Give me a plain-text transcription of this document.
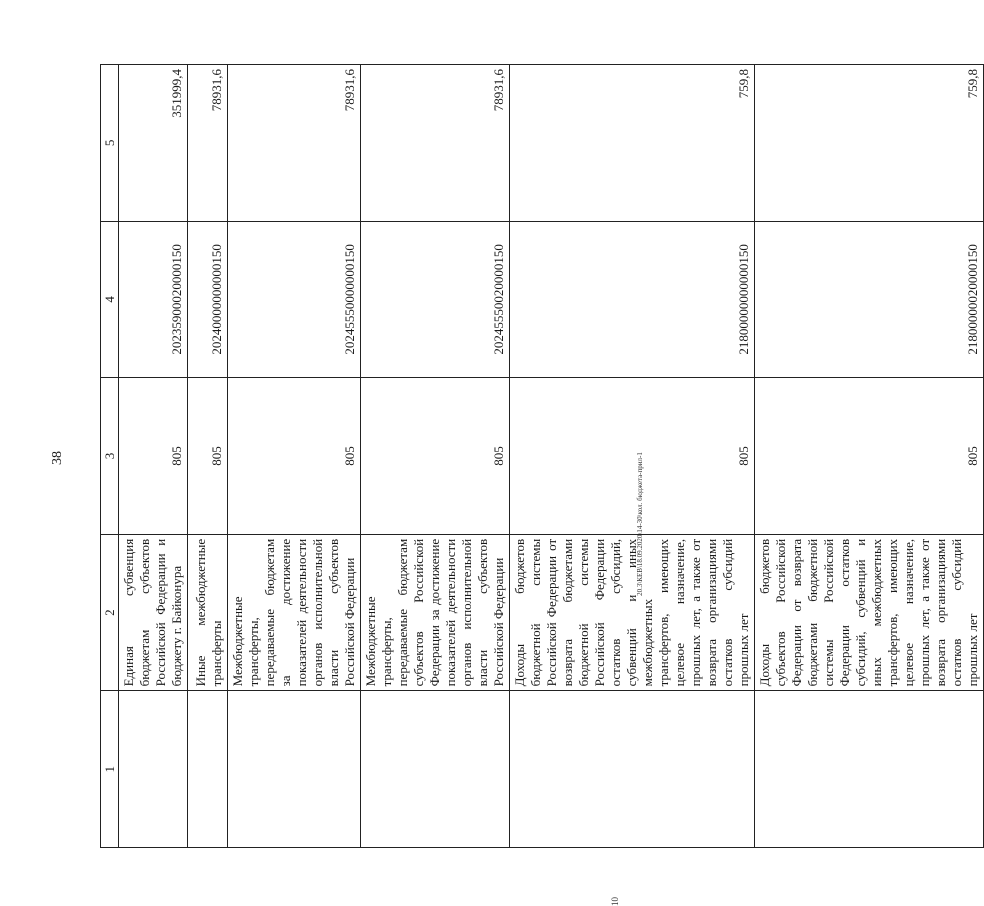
38	20.3\КЕВ\18.09.2020\14-30\кол. бюджета-прил-1
10
1	2	3	4	5
	Единая субвенция бюджетам субъектов Российской Федерации и бюджету г. Байконура	805	20235900020000150	351999,4
	Иные межбюджетные трансферты	805	20240000000000150	78931,6
	Межбюджетные трансферты, передаваемые бюджетам за достижение показателей деятельности органов исполнительной власти субъектов Российской Федерации	805	20245550000000150	78931,6
	Межбюджетные трансферты, передаваемые бюджетам субъектов Российской Федерации за достижение показателей деятельности органов исполнительной власти субъектов Российской Федерации	805	20245550020000150	78931,6
	Доходы бюджетов бюджетной системы Российской Федерации от возврата бюджетами бюджетной системы Российской Федерации остатков субсидий, субвенций и иных межбюджетных трансфертов, имеющих целевое назначение, прошлых лет, а также от возврата организациями остатков субсидий прошлых лет	805	21800000000000150	759,8
	Доходы бюджетов субъектов Российской Федерации от возврата бюджетами бюджетной системы Российской Федерации остатков субсидий, субвенций и иных межбюджетных трансфертов, имеющих целевое назначение, прошлых лет, а также от возврата организациями остатков субсидий прошлых лет	805	21800000020000150	759,8
